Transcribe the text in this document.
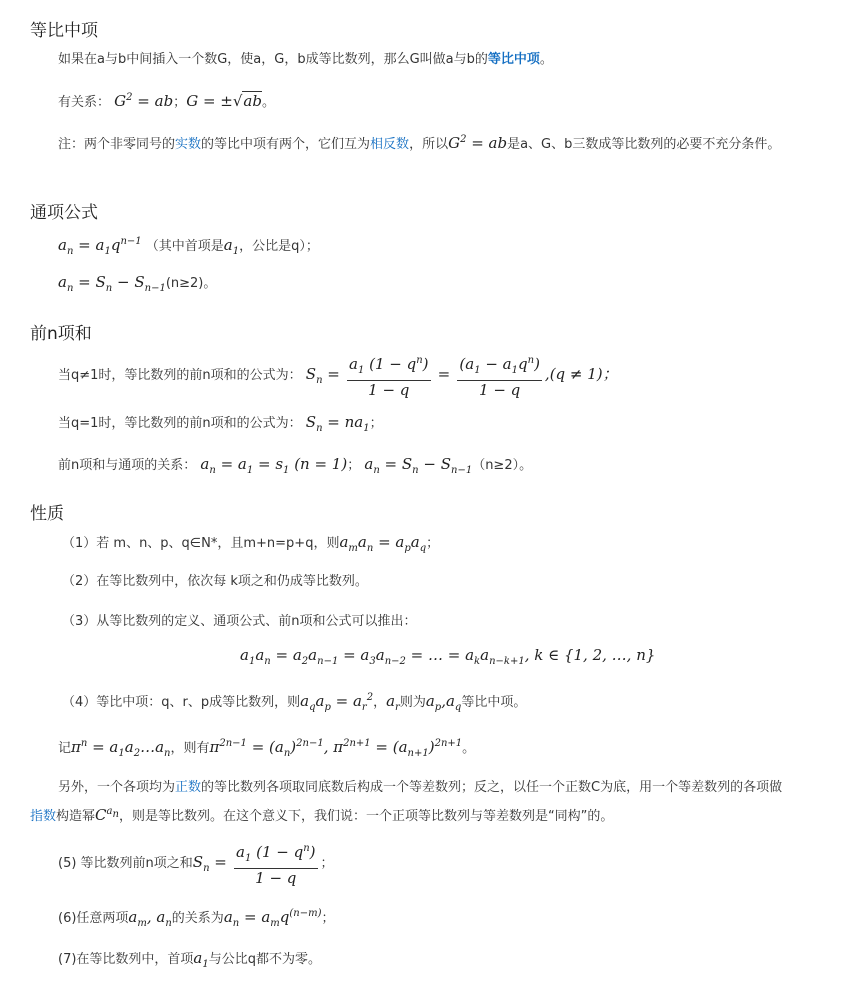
等比中项

如果在a与b中间插入一个数G，使a，G，b成等比数列，那么G叫做a与b的等比中项。

有关系： $G^2$ = ab；G = ±√ab。

注：两个非零同号的实数的等比中项有两个，它们互为相反数，所以$G^2$ = ab是a、G、b三数成等比数列的必要不充分条件。

通项公式

$a_n = a_1q^{n-1}$ （其中首项是$a_1$，公比是q）；

$a_n = S_n - S_{n-1}(n\ge 2)$。

前n项和

当q≠1时，等比数列的前n项和的公式为： $S_n = \frac{a_1 (1 - q^n)}{1 - q} = \frac{(a_1 - a_1q^n)}{1 - q} ,(q \ne 1)$；

当q=1时，等比数列的前n项和的公式为： $S_n = na_1$；

前n项和与通项的关系： $a_n = a_1 = s_1$ (n = 1)； $a_n = S_n - S_{n-1}(n\ge 2)$。

性质

（1）若 m、n、p、q∈N*，且m+n=p+q，则$a_ma_n = a_pa_q$；

（2）在等比数列中，依次每 k项之和仍成等比数列。

（3）从等比数列的定义、通项公式、前n项和公式可以推出：

$a_1a_n = a_2a_{n-1} = a_3a_{n-2}$ = … = $a_ka_{n-k+1}$, k ∈ {1, 2, …, n}

（4）等比中项：q、r、p成等比数列，则$a_qa_p = a_r^2$，$a_r$则为$a_p,a_q$等比中项。

记$\pi^n$ = $a_1a_2\dots a_n$，则有$\pi^{2n-1} = (a_n)^{2n-1}$, $\pi^{2n+1} = (a_{n+1})^{2n+1}$。

另外，一个各项均为正数的等比数列各项取同底数后构成一个等差数列；反之，以任一个正数C为底，用一个等差数列的各项做指数构造幂$C^{a_n}$，则是等比数列。在这个意义下，我们说：一个正项等比数列与等差数列是“同构”的。

(5) 等比数列前n项之和$S_n = \frac{a_1 (1 - q^n)}{1 - q}$ ；

(6)任意两项$a_m$, $a_n$的关系为$a_n = a_mq^{(n-m)}$；

(7)在等比数列中，首项$a_1$与公比q都不为零。
